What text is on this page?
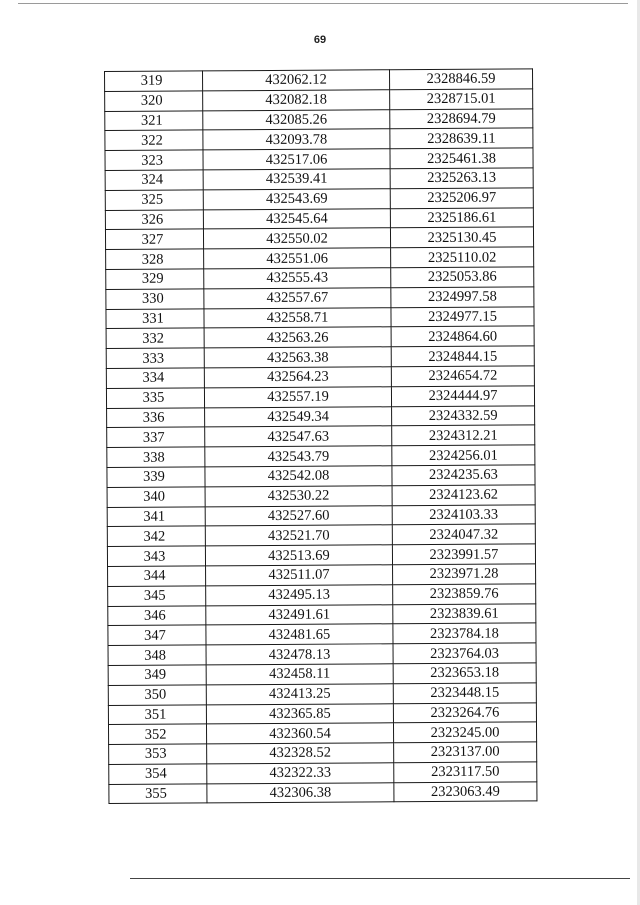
69
319	432062.12	2328846.59
320	432082.18	2328715.01
321	432085.26	2328694.79
322	432093.78	2328639.11
323	432517.06	2325461.38
324	432539.41	2325263.13
325	432543.69	2325206.97
326	432545.64	2325186.61
327	432550.02	2325130.45
328	432551.06	2325110.02
329	432555.43	2325053.86
330	432557.67	2324997.58
331	432558.71	2324977.15
332	432563.26	2324864.60
333	432563.38	2324844.15
334	432564.23	2324654.72
335	432557.19	2324444.97
336	432549.34	2324332.59
337	432547.63	2324312.21
338	432543.79	2324256.01
339	432542.08	2324235.63
340	432530.22	2324123.62
341	432527.60	2324103.33
342	432521.70	2324047.32
343	432513.69	2323991.57
344	432511.07	2323971.28
345	432495.13	2323859.76
346	432491.61	2323839.61
347	432481.65	2323784.18
348	432478.13	2323764.03
349	432458.11	2323653.18
350	432413.25	2323448.15
351	432365.85	2323264.76
352	432360.54	2323245.00
353	432328.52	2323137.00
354	432322.33	2323117.50
355	432306.38	2323063.49
